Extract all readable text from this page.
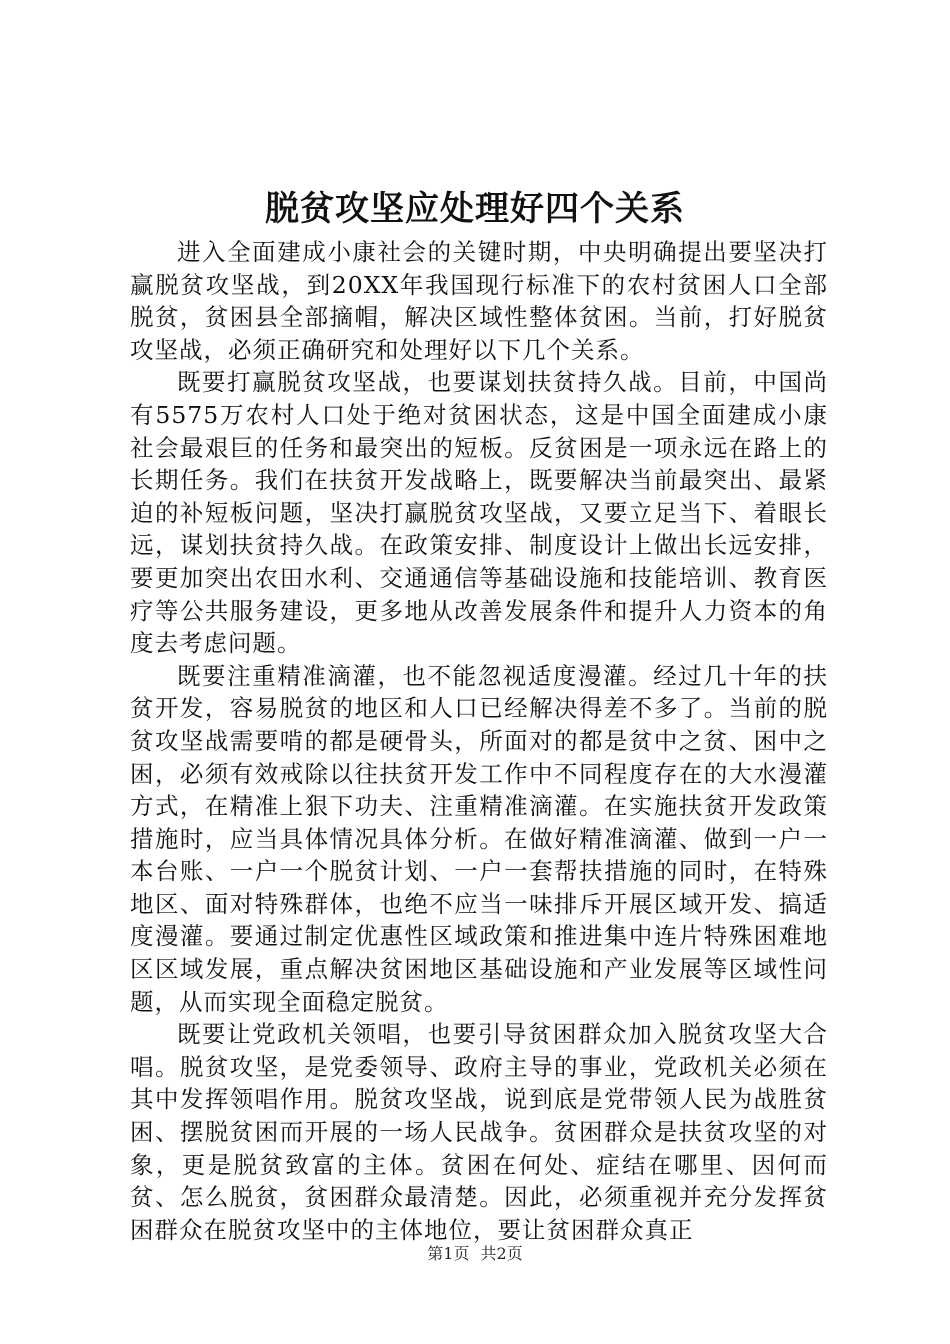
脱贫攻坚应处理好四个关系

进入全面建成小康社会的关键时期，中央明确提出要坚决打赢脱贫攻坚战，到20XX年我国现行标准下的农村贫困人口全部脱贫，贫困县全部摘帽，解决区域性整体贫困。当前，打好脱贫攻坚战，必须正确研究和处理好以下几个关系。

既要打赢脱贫攻坚战，也要谋划扶贫持久战。目前，中国尚有5575万农村人口处于绝对贫困状态，这是中国全面建成小康社会最艰巨的任务和最突出的短板。反贫困是一项永远在路上的长期任务。我们在扶贫开发战略上，既要解决当前最突出、最紧迫的补短板问题，坚决打赢脱贫攻坚战，又要立足当下、着眼长远，谋划扶贫持久战。在政策安排、制度设计上做出长远安排，要更加突出农田水利、交通通信等基础设施和技能培训、教育医疗等公共服务建设，更多地从改善发展条件和提升人力资本的角度去考虑问题。

既要注重精准滴灌，也不能忽视适度漫灌。经过几十年的扶贫开发，容易脱贫的地区和人口已经解决得差不多了。当前的脱贫攻坚战需要啃的都是硬骨头，所面对的都是贫中之贫、困中之困，必须有效戒除以往扶贫开发工作中不同程度存在的大水漫灌方式，在精准上狠下功夫、注重精准滴灌。在实施扶贫开发政策措施时，应当具体情况具体分析。在做好精准滴灌、做到一户一本台账、一户一个脱贫计划、一户一套帮扶措施的同时，在特殊地区、面对特殊群体，也绝不应当一味排斥开展区域开发、搞适度漫灌。要通过制定优惠性区域政策和推进集中连片特殊困难地区区域发展，重点解决贫困地区基础设施和产业发展等区域性问题，从而实现全面稳定脱贫。

既要让党政机关领唱，也要引导贫困群众加入脱贫攻坚大合唱。脱贫攻坚，是党委领导、政府主导的事业，党政机关必须在其中发挥领唱作用。脱贫攻坚战，说到底是党带领人民为战胜贫困、摆脱贫困而开展的一场人民战争。贫困群众是扶贫攻坚的对象，更是脱贫致富的主体。贫困在何处、症结在哪里、因何而贫、怎么脱贫，贫困群众最清楚。因此，必须重视并充分发挥贫困群众在脱贫攻坚中的主体地位，要让贫困群众真正

第1页 共2页
